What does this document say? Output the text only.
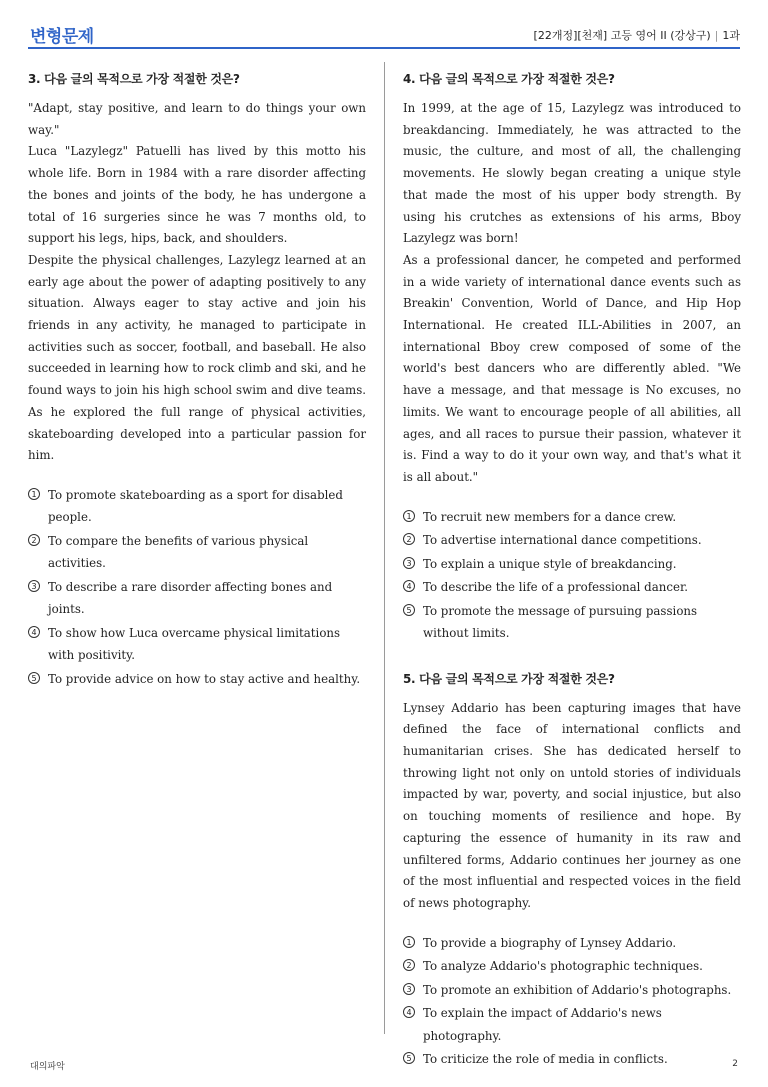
변형문제	[22개정][천재] 고등 영어 II (강상구) | 1과
3. 다음 글의 목적으로 가장 적절한 것은?

"Adapt, stay positive, and learn to do things your own way."

Luca "Lazylegz" Patuelli has lived by this motto his whole life. Born in 1984 with a rare disorder affecting the bones and joints of the body, he has undergone a total of 16 surgeries since he was 7 months old, to support his legs, hips, back, and shoulders.

Despite the physical challenges, Lazylegz learned at an early age about the power of adapting positively to any situation. Always eager to stay active and join his friends in any activity, he managed to participate in activities such as soccer, football, and baseball. He also succeeded in learning how to rock climb and ski, and he found ways to join his high school swim and dive teams. As he explored the full range of physical activities, skateboarding developed into a particular passion for him.

1 To promote skateboarding as a sport for disabled people.
2 To compare the benefits of various physical activities.
3 To describe a rare disorder affecting bones and joints.
4 To show how Luca overcame physical limitations with positivity.
5 To provide advice on how to stay active and healthy.
4. 다음 글의 목적으로 가장 적절한 것은?

In 1999, at the age of 15, Lazylegz was introduced to breakdancing. Immediately, he was attracted to the music, the culture, and most of all, the challenging movements. He slowly began creating a unique style that made the most of his upper body strength. By using his crutches as extensions of his arms, Bboy Lazylegz was born!

As a professional dancer, he competed and performed in a wide variety of international dance events such as Breakin' Convention, World of Dance, and Hip Hop International. He created ILL-Abilities in 2007, an international Bboy crew composed of some of the world's best dancers who are differently abled. "We have a message, and that message is No excuses, no limits. We want to encourage people of all abilities, all ages, and all races to pursue their passion, whatever it is. Find a way to do it your own way, and that's what it is all about."

1 To recruit new members for a dance crew.
2 To advertise international dance competitions.
3 To explain a unique style of breakdancing.
4 To describe the life of a professional dancer.
5 To promote the message of pursuing passions without limits.
5. 다음 글의 목적으로 가장 적절한 것은?

Lynsey Addario has been capturing images that have defined the face of international conflicts and humanitarian crises. She has dedicated herself to throwing light not only on untold stories of individuals impacted by war, poverty, and social injustice, but also on touching moments of resilience and hope. By capturing the essence of humanity in its raw and unfiltered forms, Addario continues her journey as one of the most influential and respected voices in the field of news photography.

1 To provide a biography of Lynsey Addario.
2 To analyze Addario's photographic techniques.
3 To promote an exhibition of Addario's photographs.
4 To explain the impact of Addario's news photography.
5 To criticize the role of media in conflicts.
대의파악	2
